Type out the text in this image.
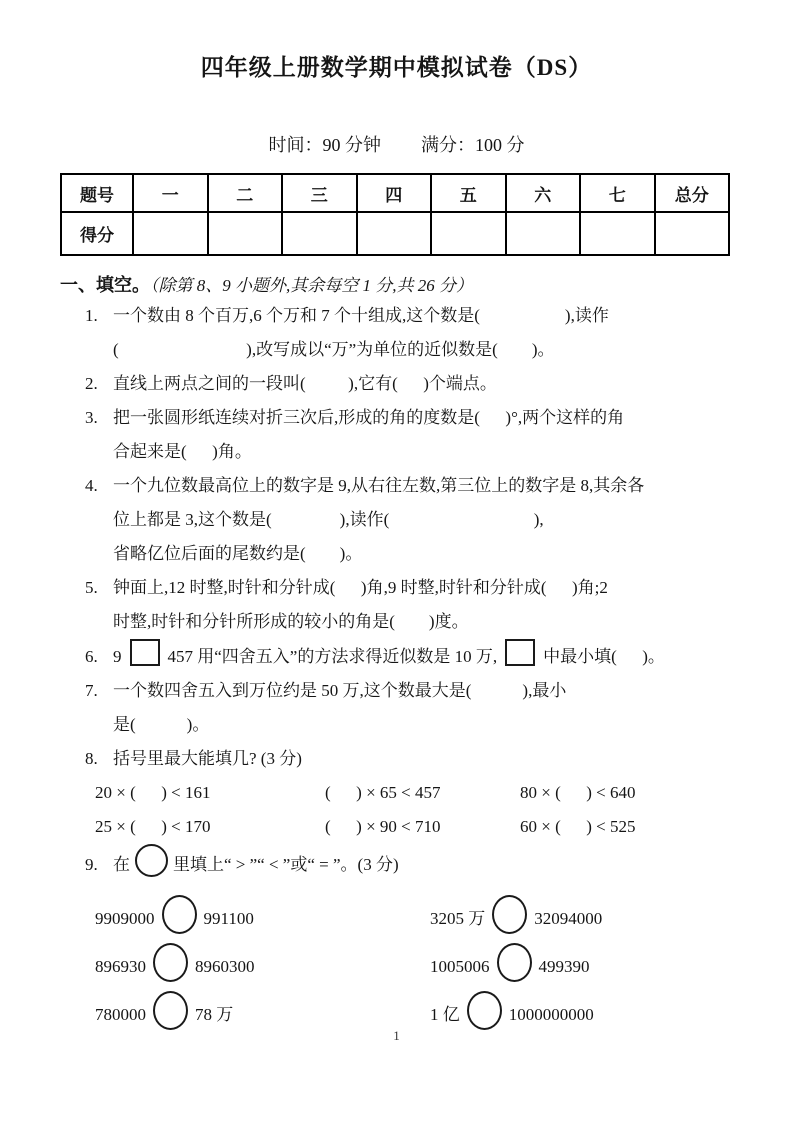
四年级上册数学期中模拟试卷（DS）
时间：90 分钟 满分：100 分
题号	一	二	三	四	五	六	七	总分
得分								
一、填空。（除第 8、9 小题外,其余每空 1 分,共 26 分）
1. 一个数由 8 个百万,6 个万和 7 个十组成,这个数是(                    ),读作
(                              ),改写成以“万”为单位的近似数是(        )。
2. 直线上两点之间的一段叫(          ),它有(      )个端点。
3. 把一张圆形纸连续对折三次后,形成的角的度数是(      )°,两个这样的角
合起来是(      )角。
4. 一个九位数最高位上的数字是 9,从右往左数,第三位上的数字是 8,其余各
位上都是 3,这个数是(                ),读作(                                  ),
省略亿位后面的尾数约是(        )。
5. 钟面上,12 时整,时针和分针成(      )角,9 时整,时针和分针成(      )角;2
时整,时针和分针所形成的较小的角是(        )度。
6. 9	457 用“四舍五入”的方法求得近似数是 10 万,	中最小填(      )。
7. 一个数四舍五入到万位约是 50 万,这个数最大是(            ),最小
是(            )。
8. 括号里最大能填几? (3 分)
20 × (      ) < 161	(      ) × 65 < 457	80 × (      ) < 640
25 × (      ) < 170	(      ) × 90 < 710	60 × (      ) < 525
9. 在	里填上“ > ”“ < ”或“ = ”。(3 分)
9909000	991100	3205 万	32094000
896930	8960300	1005006	499390
780000	78 万	1 亿	1000000000
1
